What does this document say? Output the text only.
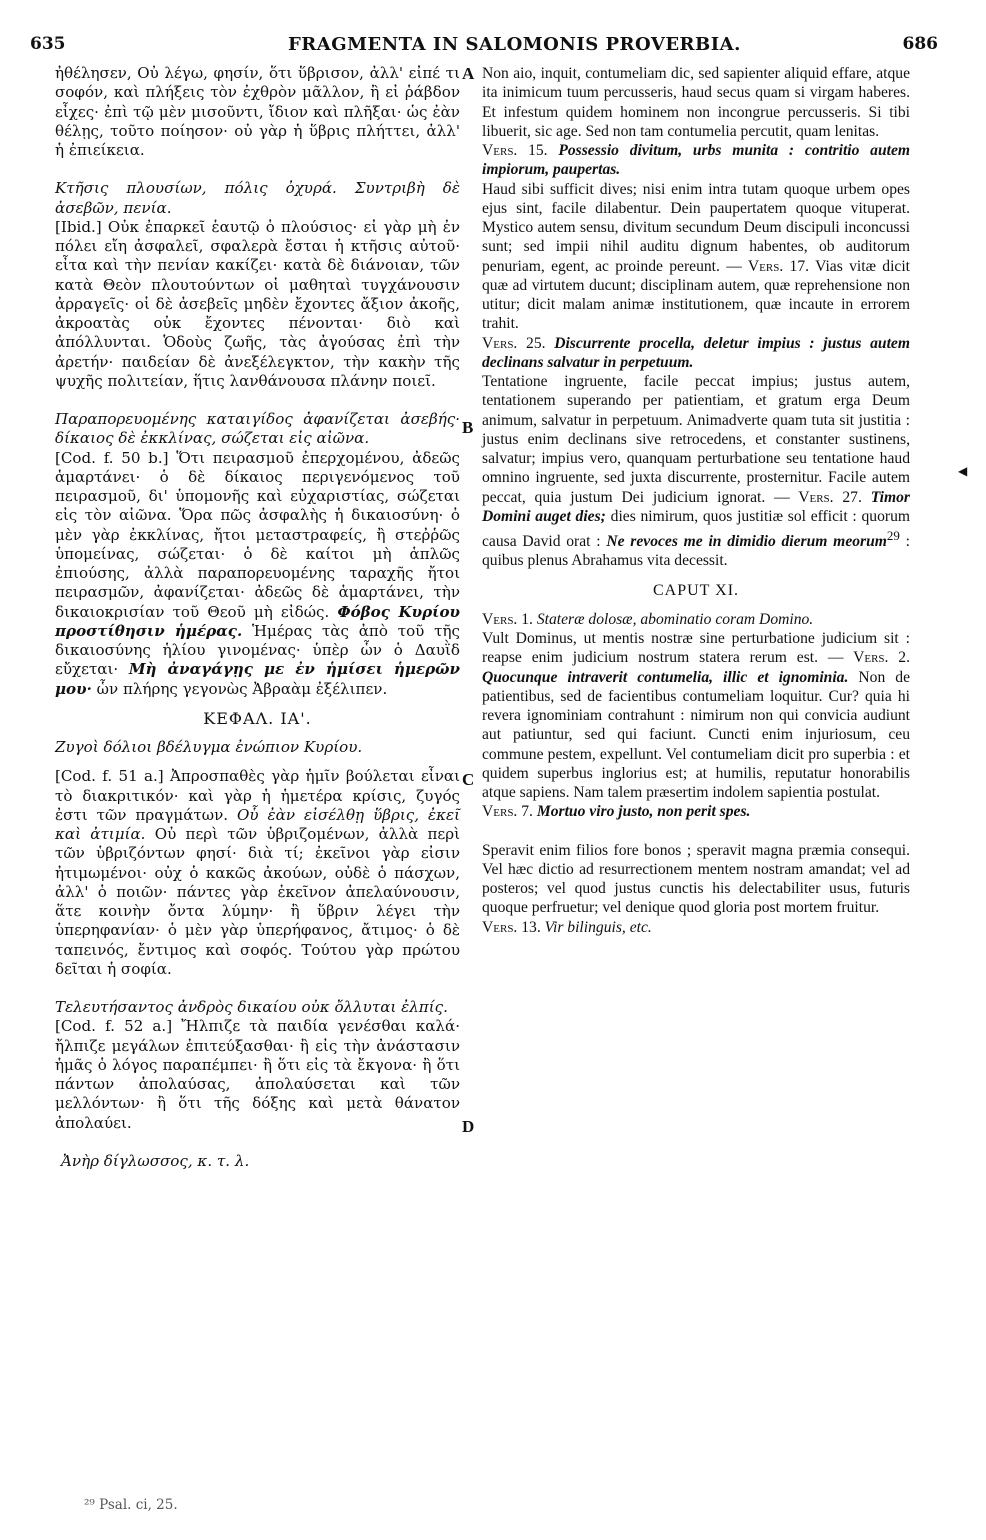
635	FRAGMENTA IN SALOMONIS PROVERBIA.	686
A
B
C
D
◀

ἠθέλησεν, Οὐ λέγω, φησίν, ὅτι ὕβρισον, ἀλλ' εἰπέ τι σοφόν, καὶ πλήξεις τὸν ἐχθρὸν μᾶλλον, ἢ εἰ ῥάβδον εἶχες· ἐπὶ τῷ μὲν μισοῦντι, ἴδιον καὶ πλῆξαι· ὡς ἐὰν θέλῃς, τοῦτο ποίησον· οὐ γὰρ ἡ ὕβρις πλήττει, ἀλλ' ἡ ἐπιείκεια.

Κτῆσις πλουσίων, πόλις ὀχυρά. Συντριβὴ δὲ ἀσεβῶν, πενία.

[Ibid.] Οὐκ ἐπαρκεῖ ἑαυτῷ ὁ πλούσιος· εἰ γὰρ μὴ ἐν πόλει εἴη ἀσφαλεῖ, σφαλερὰ ἔσται ἡ κτῆσις αὐτοῦ· εἶτα καὶ τὴν πενίαν κακίζει· κατὰ δὲ διάνοιαν, τῶν κατὰ Θεὸν πλουτούντων οἱ μαθηταὶ τυγχάνουσιν ἀρραγεῖς· οἱ δὲ ἀσεβεῖς μηδὲν ἔχοντες ἄξιον ἀκοῆς, ἀκροατὰς οὐκ ἔχοντες πένονται· διὸ καὶ ἀπόλλυνται. Ὁδοὺς ζωῆς, τὰς ἀγούσας ἐπὶ τὴν ἀρετήν· παιδείαν δὲ ἀνεξέλεγκτον, τὴν κακὴν τῆς ψυχῆς πολιτείαν, ἥτις λανθάνουσα πλάνην ποιεῖ.

Παραπορευομένης καταιγίδος ἀφανίζεται ἀσεβής· δίκαιος δὲ ἐκκλίνας, σώζεται εἰς αἰῶνα.

[Cod. f. 50 b.] Ὅτι πειρασμοῦ ἐπερχομένου, ἀδεῶς ἁμαρτάνει· ὁ δὲ δίκαιος περιγενόμενος τοῦ πειρασμοῦ, δι' ὑπομονῆς καὶ εὐχαριστίας, σώζεται εἰς τὸν αἰῶνα. Ὅρα πῶς ἀσφαλὴς ἡ δικαιοσύνη· ὁ μὲν γὰρ ἐκκλίνας, ἤτοι μεταστραφείς, ἢ στεῤῥῶς ὑπομείνας, σώζεται· ὁ δὲ καίτοι μὴ ἁπλῶς ἐπιούσης, ἀλλὰ παραπορευομένης ταραχῆς ἤτοι πειρασμῶν, ἀφανίζεται· ἀδεῶς δὲ ἁμαρτάνει, τὴν δικαιοκρισίαν τοῦ Θεοῦ μὴ εἰδώς. Φόβος Κυρίου προστίθησιν ἡμέρας. Ἡμέρας τὰς ἀπὸ τοῦ τῆς δικαιοσύνης ἡλίου γινομένας· ὑπὲρ ὧν ὁ Δαυῒδ εὔχεται· Μὴ ἀναγάγῃς με ἐν ἡμίσει ἡμερῶν μου· ὧν πλήρης γεγονὼς Ἀβραὰμ ἐξέλιπεν.

ΚΕΦΑΛ. ΙΑ'.

Ζυγοὶ δόλιοι βδέλυγμα ἐνώπιον Κυρίου.

[Cod. f. 51 a.] Ἀπροσπαθὲς γὰρ ἡμῖν βούλεται εἶναι τὸ διακριτικόν· καὶ γὰρ ἡ ἡμετέρα κρίσις, ζυγός ἐστι τῶν πραγμάτων. Οὗ ἐὰν εἰσέλθῃ ὕβρις, ἐκεῖ καὶ ἀτιμία. Οὐ περὶ τῶν ὑβριζομένων, ἀλλὰ περὶ τῶν ὑβριζόντων φησί· διὰ τί; ἐκεῖνοι γὰρ εἰσιν ἠτιμωμένοι· οὐχ ὁ κακῶς ἀκούων, οὐδὲ ὁ πάσχων, ἀλλ' ὁ ποιῶν· πάντες γὰρ ἐκεῖνον ἀπελαύνουσιν, ἅτε κοινὴν ὄντα λύμην· ἢ ὕβριν λέγει τὴν ὑπερηφανίαν· ὁ μὲν γὰρ ὑπερήφανος, ἄτιμος· ὁ δὲ ταπεινός, ἔντιμος καὶ σοφός. Τούτου γὰρ πρώτου δεῖται ἡ σοφία.

Τελευτήσαντος ἀνδρὸς δικαίου οὐκ ὄλλυται ἐλπίς.

[Cod. f. 52 a.] Ἤλπιζε τὰ παιδία γενέσθαι καλά· ἤλπιζε μεγάλων ἐπιτεύξασθαι· ἢ εἰς τὴν ἀνάστασιν ἡμᾶς ὁ λόγος παραπέμπει· ἢ ὅτι εἰς τὰ ἔκγονα· ἢ ὅτι πάντων ἀπολαύσας, ἀπολαύσεται καὶ τῶν μελλόντων· ἢ ὅτι τῆς δόξης καὶ μετὰ θάνατον ἀπολαύει.

Ἀνὴρ δίγλωσσος, κ. τ. λ.

Non aio, inquit, contumeliam dic, sed sapienter aliquid effare, atque ita inimicum tuum percusseris, haud secus quam si virgam haberes. Et infestum quidem hominem non incongrue percusseris. Si tibi libuerit, sic age. Sed non tam contumelia percutit, quam lenitas.

Vers. 15. Possessio divitum, urbs munita : contritio autem impiorum, paupertas.

Haud sibi sufficit dives; nisi enim intra tutam quoque urbem opes ejus sint, facile dilabentur. Dein paupertatem quoque vituperat. Mystico autem sensu, divitum secundum Deum discipuli inconcussi sunt; sed impii nihil auditu dignum habentes, ob auditorum penuriam, egent, ac proinde pereunt. — Vers. 17. Vias vitæ dicit quæ ad virtutem ducunt; disciplinam autem, quæ reprehensione non utitur; dicit malam animæ institutionem, quæ incaute in errorem trahit.

Vers. 25. Discurrente procella, deletur impius : justus autem declinans salvatur in perpetuum.

Tentatione ingruente, facile peccat impius; justus autem, tentationem superando per patientiam, et gratum erga Deum animum, salvatur in perpetuum. Animadverte quam tuta sit justitia : justus enim declinans sive retrocedens, et constanter sustinens, salvatur; impius vero, quanquam perturbatione seu tentatione haud omnino ingruente, sed juxta discurrente, prosternitur. Facile autem peccat, quia justum Dei judicium ignorat. — Vers. 27. Timor Domini auget dies; dies nimirum, quos justitiæ sol efficit : quorum causa David orat : Ne revoces me in dimidio dierum meorum$^{29}$ : quibus plenus Abrahamus vita decessit.

CAPUT XI.

Vers. 1. Stateræ dolosæ, abominatio coram Domino.

Vult Dominus, ut mentis nostræ sine perturbatione judicium sit : reapse enim judicium nostrum statera rerum est. — Vers. 2. Quocunque intraverit contumelia, illic et ignominia. Non de patientibus, sed de facientibus contumeliam loquitur. Cur? quia hi revera ignominiam contrahunt : nimirum non qui convicia audiunt aut patiuntur, sed qui faciunt. Cuncti enim injuriosum, ceu commune pestem, expellunt. Vel contumeliam dicit pro superbia : et quidem superbus inglorius est; at humilis, reputatur honorabilis atque sapiens. Nam talem præsertim indolem sapientia postulat.

Vers. 7. Mortuo viro justo, non perit spes.

Speravit enim filios fore bonos ; speravit magna præmia consequi. Vel hæc dictio ad resurrectionem mentem nostram amandat; vel ad posteros; vel quod justus cunctis his delectabiliter usus, futuris quoque perfruetur; vel denique quod gloria post mortem fruitur.

Vers. 13. Vir bilinguis, etc.

²⁹ Psal. ci, 25.
